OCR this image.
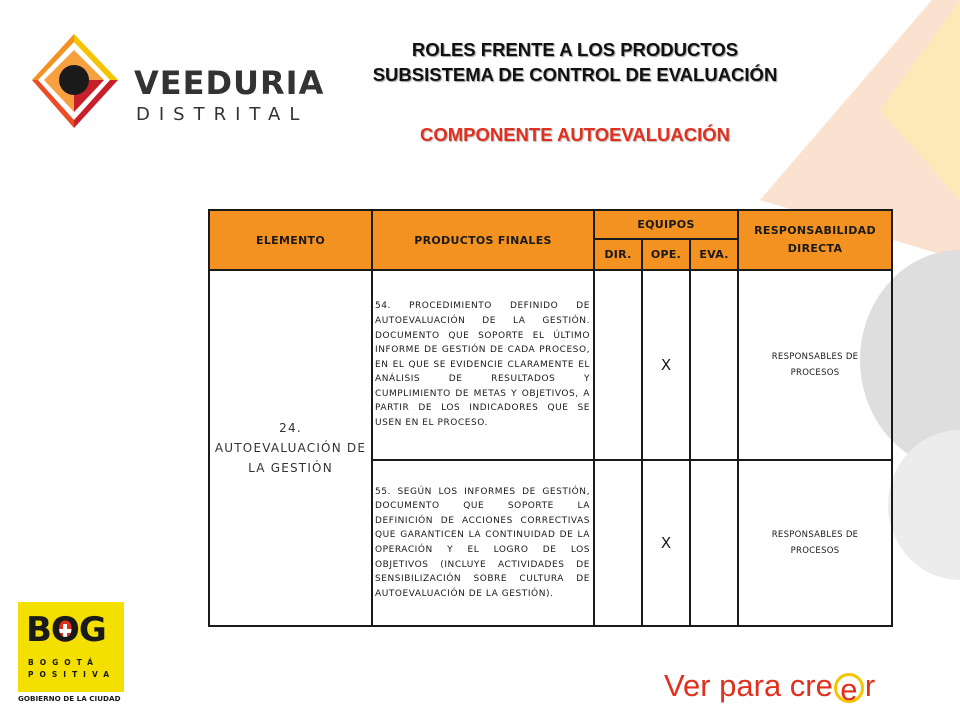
VEEDURIA
DISTRITAL
ROLES FRENTE A LOS PRODUCTOS
SUBSISTEMA DE CONTROL DE EVALUACIÓN
COMPONENTE AUTOEVALUACIÓN
ELEMENTO	PRODUCTOS FINALES	EQUIPOS			RESPONSABILIDAD DIRECTA
		DIR.	OPE.	EVA.	
24. AUTOEVALUACIÓN DE LA GESTIÓN	54. PROCEDIMIENTO DEFINIDO DE AUTOEVALUACIÓN DE LA GESTIÓN. DOCUMENTO QUE SOPORTE EL ÚLTIMO INFORME DE GESTIÓN DE CADA PROCESO, EN EL QUE SE EVIDENCIE CLARAMENTE EL ANÁLISIS DE RESULTADOS Y CUMPLIMIENTO DE METAS Y OBJETIVOS, A PARTIR DE LOS INDICADORES QUE SE USEN EN EL PROCESO.		X		RESPONSABLES DE PROCESOS
	55. SEGÚN LOS INFORMES DE GESTIÓN, DOCUMENTO QUE SOPORTE LA DEFINICIÓN DE ACCIONES CORRECTIVAS QUE GARANTICEN LA CONTINUIDAD DE LA OPERACIÓN Y EL LOGRO DE LOS OBJETIVOS (INCLUYE ACTIVIDADES DE SENSIBILIZACIÓN SOBRE CULTURA DE AUTOEVALUACIÓN DE LA GESTIÓN).		X		RESPONSABLES DE PROCESOS
BOG
BOGOTÁ
POSITIVA
GOBIERNO DE LA CIUDAD	Ver para cre e r
